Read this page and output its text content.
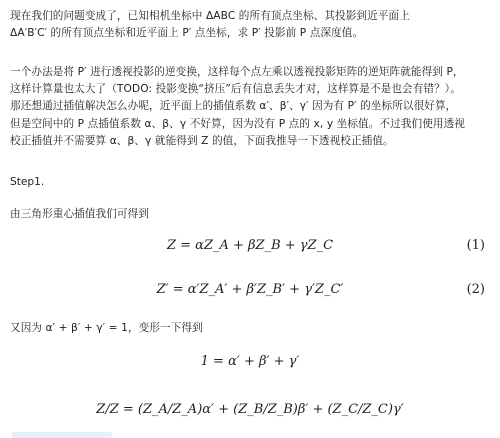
现在我们的问题变成了，已知相机坐标中 ΔABC 的所有顶点坐标、其投影到近平面上
ΔA′B′C′ 的所有顶点坐标和近平面上 P′ 点坐标，求 P′ 投影前 P 点深度值。
一个办法是将 P′ 进行透视投影的逆变换，这样每个点左乘以透视投影矩阵的逆矩阵就能得到 P，
这样计算量也太大了（TODO: 投影变换“挤压”后有信息丢失才对，这样算是不是也会有错？）。
那还想通过插值解决怎么办呢，近平面上的插值系数 α′、β′、γ′ 因为有 P′ 的坐标所以很好算，
但是空间中的 P 点插值系数 α、β、γ 不好算，因为没有 P 点的 x, y 坐标值。不过我们使用透视
校正插值并不需要算 α、β、γ 就能得到 Z 的值，下面我推导一下透视校正插值。
Step1.
由三角形重心插值我们可得到
Z = αZ_A + βZ_B + γZ_C	(1)
Z′ = α′Z_A′ + β′Z_B′ + γ′Z_C′	(2)
又因为 α′ + β′ + γ′ = 1，变形一下得到
1 = α′ + β′ + γ′
Z/Z = (Z_A/Z_A)α′ + (Z_B/Z_B)β′ + (Z_C/Z_C)γ′
